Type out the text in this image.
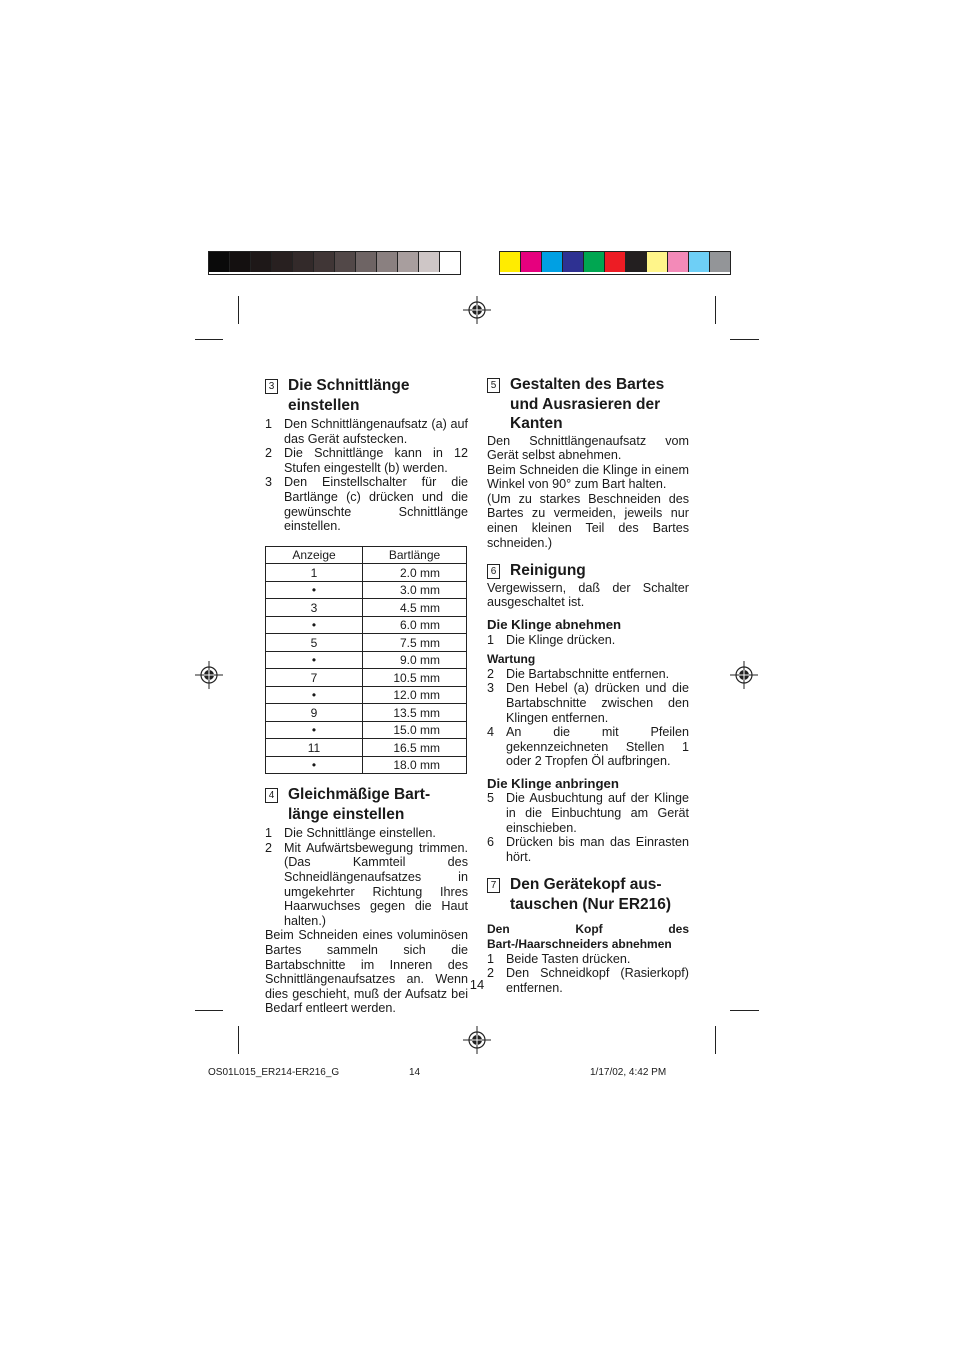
3 Die Schnittlänge
einstellen
1 Den Schnittlängenaufsatz (a) auf das Gerät aufstecken.
2 Die Schnittlänge kann in 12 Stufen eingestellt (b) werden.
3 Den Einstellschalter für die Bartlänge (c) drücken und die gewünschte Schnittlänge einstellen.
Anzeige	Bartlänge
1	2.0 mm
•	3.0 mm
3	4.5 mm
•	6.0 mm
5	7.5 mm
•	9.0 mm
7	10.5 mm
•	12.0 mm
9	13.5 mm
•	15.0 mm
11	16.5 mm
•	18.0 mm
4 Gleichmäßige Bart-
länge einstellen
1 Die Schnittlänge einstellen.
2 Mit Aufwärtsbewegung trimmen. (Das Kammteil des Schneidlängenaufsatzes in umgekehrter Richtung Ihres Haarwuchses gegen die Haut halten.)

Beim Schneiden eines voluminösen Bartes sammeln sich die Bartabschnitte im Inneren des Schnittlängenaufsatzes an. Wenn dies geschieht, muß der Aufsatz bei Bedarf entleert werden.

5 Gestalten des Bartes
und Ausrasieren der
Kanten

Den Schnittlängenaufsatz vom Gerät selbst abnehmen.

Beim Schneiden die Klinge in einem Winkel von 90° zum Bart halten.

(Um zu starkes Beschneiden des Bartes zu vermeiden, jeweils nur einen kleinen Teil des Bartes schneiden.)

6 Reinigung

Vergewissern, daß der Schalter ausgeschaltet ist.

Die Klinge abnehmen
1 Die Klinge drücken.
Wartung
2 Die Bartabschnitte entfernen.
3 Den Hebel (a) drücken und die Bartabschnitte zwischen den Klingen entfernen.
4 An die mit Pfeilen gekennzeichneten Stellen 1 oder 2 Tropfen Öl aufbringen.
Die Klinge anbringen
5 Die Ausbuchtung auf der Klinge in die Einbuchtung am Gerät einschieben.
6 Drücken bis man das Einrasten hört.
7 Den Gerätekopf aus-
tauschen (Nur ER216)
Den Kopf des Bart-/Haarschneiders abnehmen
1 Beide Tasten drücken.
2 Den Schneidkopf (Rasierkopf) entfernen.
14
OS01L015_ER214-ER216_G	14	1/17/02, 4:42 PM
